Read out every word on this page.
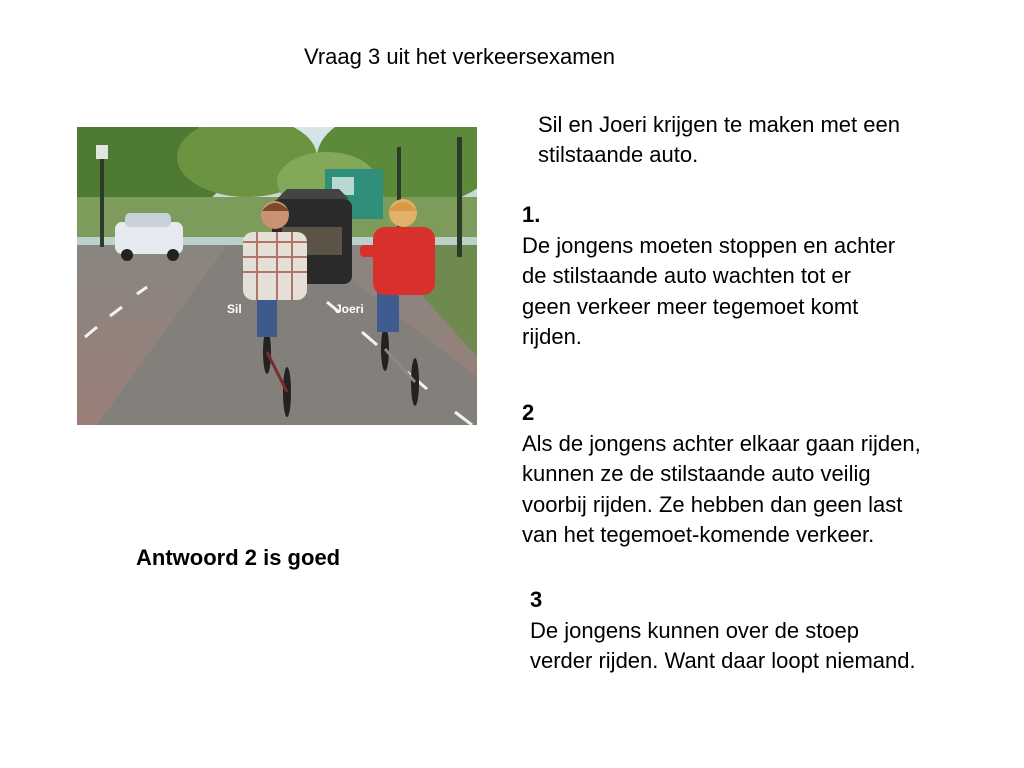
Vraag 3 uit het verkeersexamen
Sil en Joeri krijgen te maken met een stilstaande auto.
1.
De jongens moeten stoppen en achter
de stilstaande auto wachten tot er
geen verkeer meer tegemoet komt
rijden.
2
Als de jongens achter elkaar gaan rijden,
kunnen ze de stilstaande auto veilig
voorbij rijden. Ze hebben dan geen last
van het tegemoet-komende verkeer.
3
De jongens kunnen over de stoep
verder rijden. Want daar loopt niemand.
Antwoord 2 is goed
Sil	Joeri
